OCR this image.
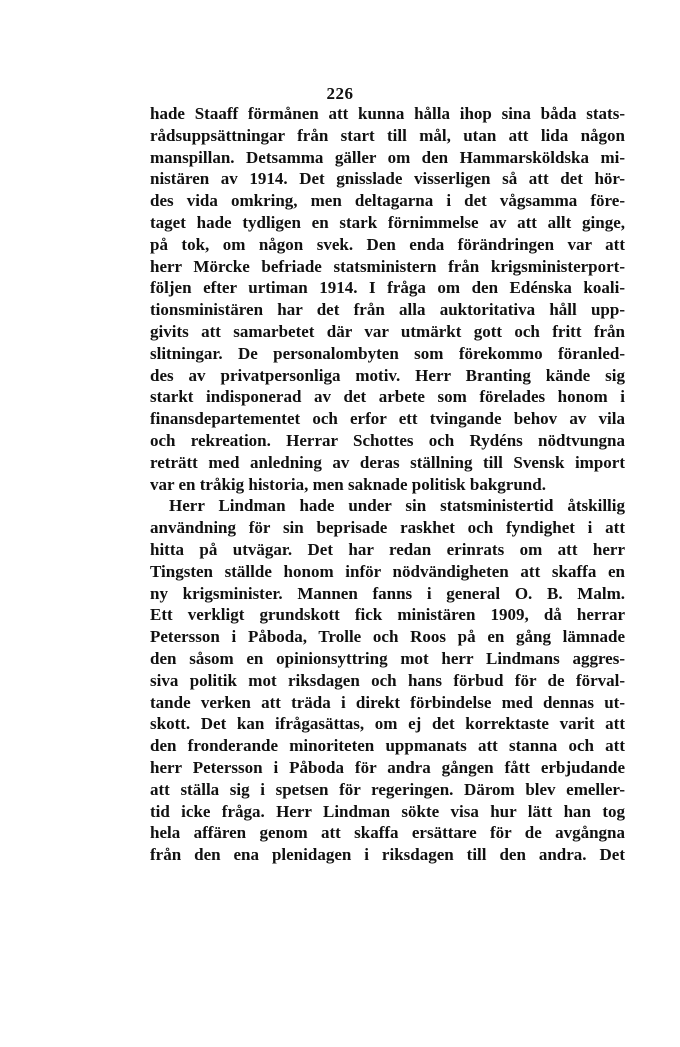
226
hade Staaff förmånen att kunna hålla ihop sina båda stats-
rådsuppsättningar från start till mål, utan att lida någon
manspillan. Detsamma gäller om den Hammarsköldska mi-
nistären av 1914. Det gnisslade visserligen så att det hör-
des vida omkring, men deltagarna i det vågsamma före-
taget hade tydligen en stark förnimmelse av att allt ginge,
på tok, om någon svek. Den enda förändringen var att
herr Mörcke befriade statsministern från krigsministerport-
följen efter urtiman 1914. I fråga om den Edénska koali-
tionsministären har det från alla auktoritativa håll upp-
givits att samarbetet där var utmärkt gott och fritt från
slitningar. De personalombyten som förekommo föranled-
des av privatpersonliga motiv. Herr Branting kände sig
starkt indisponerad av det arbete som förelades honom i
finansdepartementet och erfor ett tvingande behov av vila
och rekreation. Herrar Schottes och Rydéns nödtvungna
reträtt med anledning av deras ställning till Svensk import
var en tråkig historia, men saknade politisk bakgrund.
Herr Lindman hade under sin statsministertid åtskillig
användning för sin beprisade raskhet och fyndighet i att
hitta på utvägar. Det har redan erinrats om att herr
Tingsten ställde honom inför nödvändigheten att skaffa en
ny krigsminister. Mannen fanns i general O. B. Malm.
Ett verkligt grundskott fick ministären 1909, då herrar
Petersson i Påboda, Trolle och Roos på en gång lämnade
den såsom en opinionsyttring mot herr Lindmans aggres-
siva politik mot riksdagen och hans förbud för de förval-
tande verken att träda i direkt förbindelse med dennas ut-
skott. Det kan ifrågasättas, om ej det korrektaste varit att
den fronderande minoriteten uppmanats att stanna och att
herr Petersson i Påboda för andra gången fått erbjudande
att ställa sig i spetsen för regeringen. Därom blev emeller-
tid icke fråga. Herr Lindman sökte visa hur lätt han tog
hela affären genom att skaffa ersättare för de avgångna
från den ena plenidagen i riksdagen till den andra. Det
